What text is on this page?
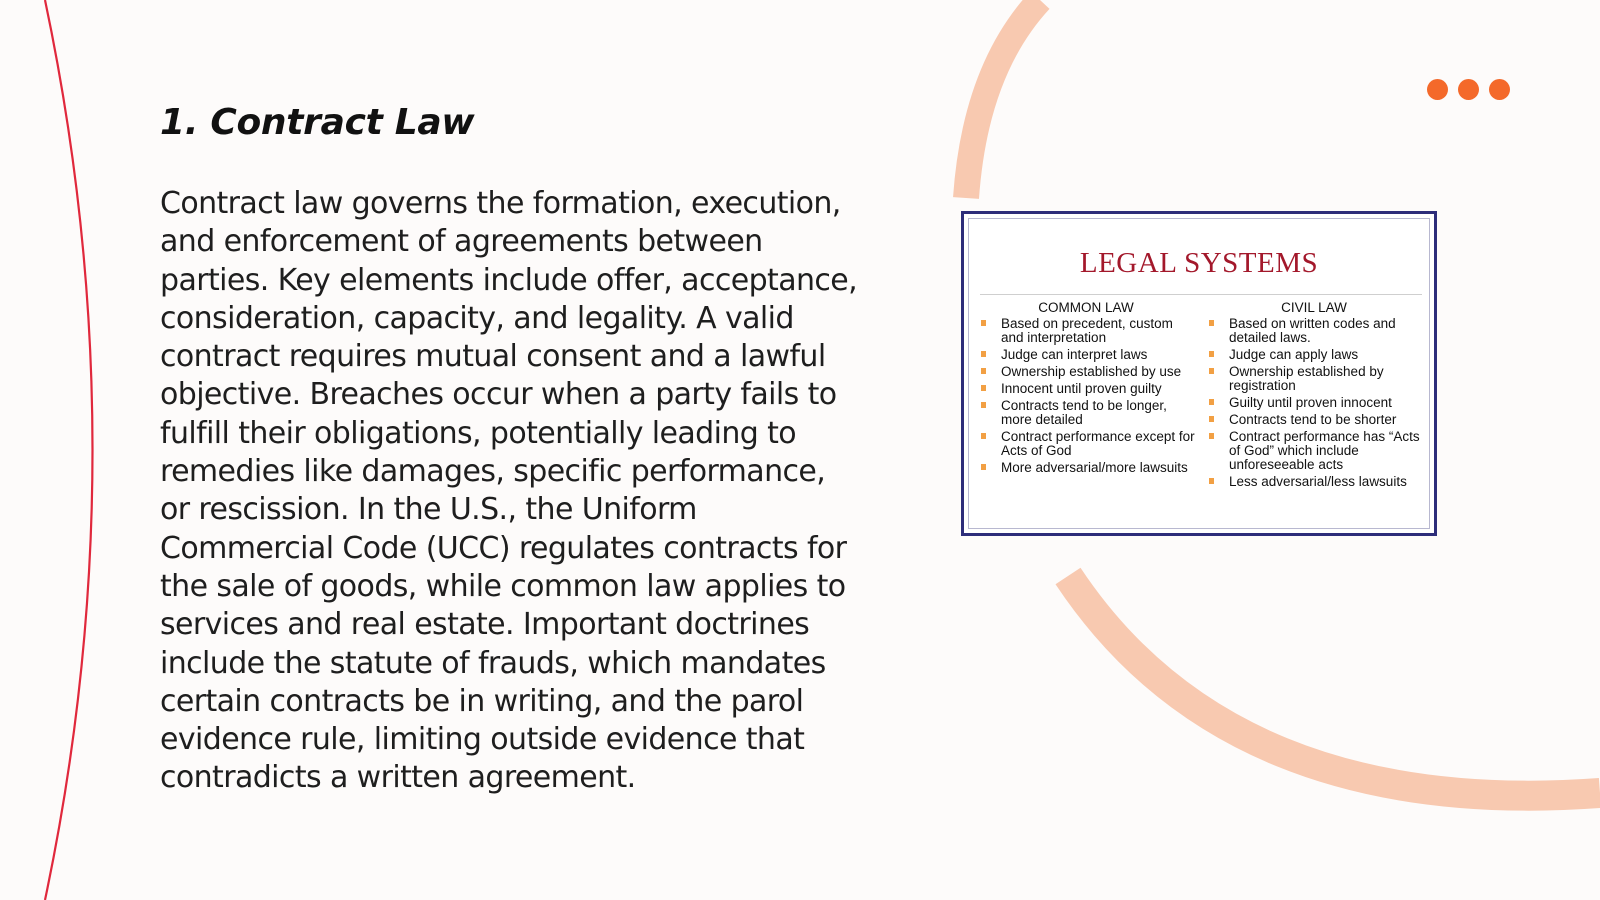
1. Contract Law

Contract law governs the formation, execution, and enforcement of agreements between parties. Key elements include offer, acceptance, consideration, capacity, and legality. A valid contract requires mutual consent and a lawful objective. Breaches occur when a party fails to fulfill their obligations, potentially leading to remedies like damages, specific performance, or rescission. In the U.S., the Uniform Commercial Code (UCC) regulates contracts for the sale of goods, while common law applies to services and real estate. Important doctrines include the statute of frauds, which mandates certain contracts be in writing, and the parol evidence rule, limiting outside evidence that contradicts a written agreement.

LEGAL SYSTEMS
COMMON LAW
Based on precedent, custom and interpretation
Judge can interpret laws
Ownership established by use
Innocent until proven guilty
Contracts tend to be longer, more detailed
Contract performance except for Acts of God
More adversarial/more lawsuits
CIVIL LAW
Based on written codes and detailed laws.
Judge can apply laws
Ownership established by registration
Guilty until proven innocent
Contracts tend to be shorter
Contract performance has “Acts of God” which include unforeseeable acts
Less adversarial/less lawsuits
